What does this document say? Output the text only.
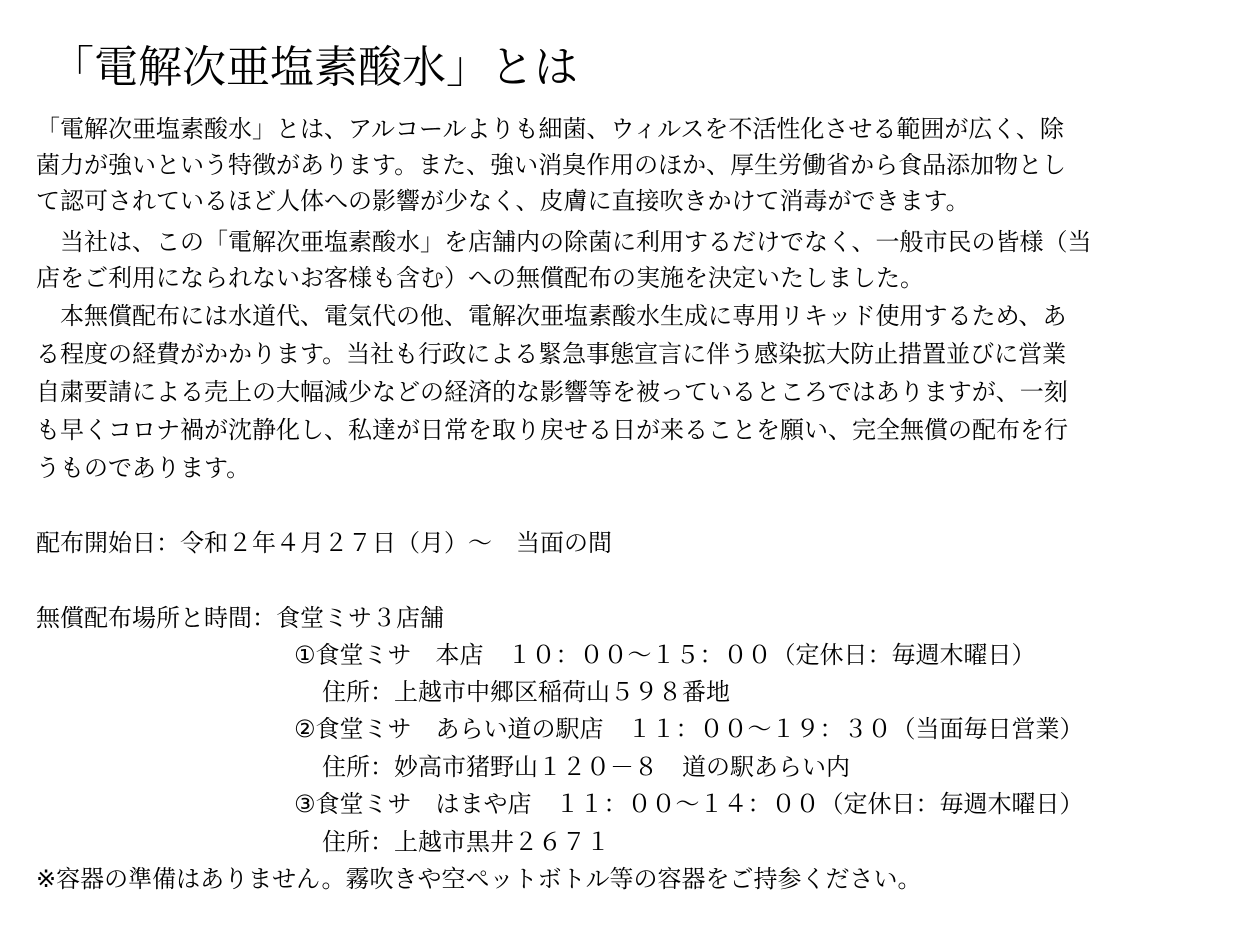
「電解次亜塩素酸水」とは

「電解次亜塩素酸水」とは、アルコールよりも細菌、ウィルスを不活性化させる範囲が広く、除

菌力が強いという特徴があります。また、強い消臭作用のほか、厚生労働省から食品添加物とし

て認可されているほど人体への影響が少なく、皮膚に直接吹きかけて消毒ができます。

　当社は、この「電解次亜塩素酸水」を店舗内の除菌に利用するだけでなく、一般市民の皆様（当

店をご利用になられないお客様も含む）への無償配布の実施を決定いたしました。

　本無償配布には水道代、電気代の他、電解次亜塩素酸水生成に専用リキッド使用するため、あ

る程度の経費がかかります。当社も行政による緊急事態宣言に伴う感染拡大防止措置並びに営業

自粛要請による売上の大幅減少などの経済的な影響等を被っているところではありますが、一刻

も早くコロナ禍が沈静化し、私達が日常を取り戻せる日が来ることを願い、完全無償の配布を行

うものであります。

配布開始日：令和２年４月２７日（月）～　当面の間

無償配布場所と時間：食堂ミサ３店舗

①食堂ミサ　本店　１０：００～１５：００（定休日：毎週木曜日）

住所：上越市中郷区稲荷山５９８番地

②食堂ミサ　あらい道の駅店　１１：００～１９：３０（当面毎日営業）

住所：妙高市猪野山１２０－８　道の駅あらい内

③食堂ミサ　はまや店　１１：００～１４：００（定休日：毎週木曜日）

住所：上越市黒井２６７１

※容器の準備はありません。霧吹きや空ペットボトル等の容器をご持参ください。
